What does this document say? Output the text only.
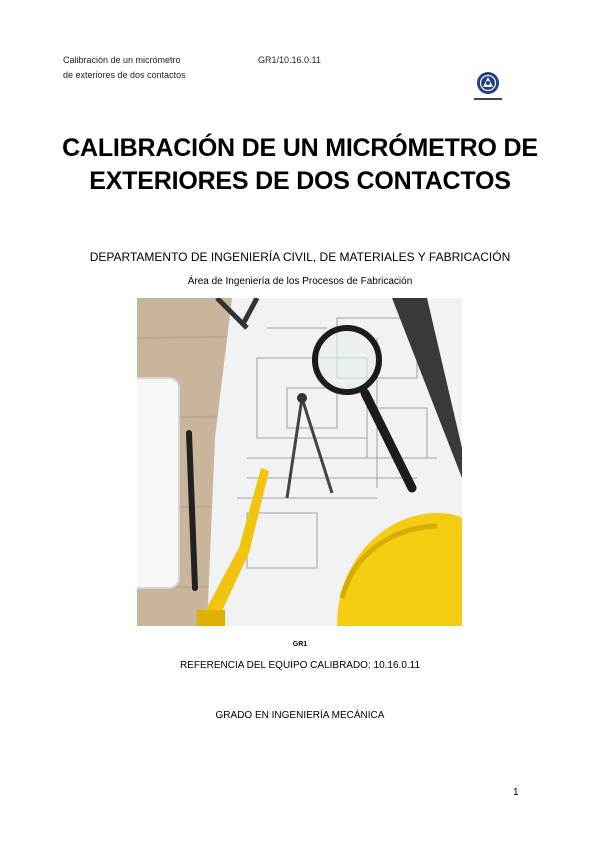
Calibración de un micrómetro
de exteriores de dos contactos
GR1/10.16.0.11
CALIBRACIÓN DE UN MICRÓMETRO DE
EXTERIORES DE DOS CONTACTOS
DEPARTAMENTO DE INGENIERÍA CIVIL, DE MATERIALES Y FABRICACIÓN
Área de Ingeniería de los Procesos de Fabricación
GR1
REFERENCIA DEL EQUIPO CALIBRADO: 10.16.0.11
GRADO EN INGENIERÍA MECÁNICA
1
